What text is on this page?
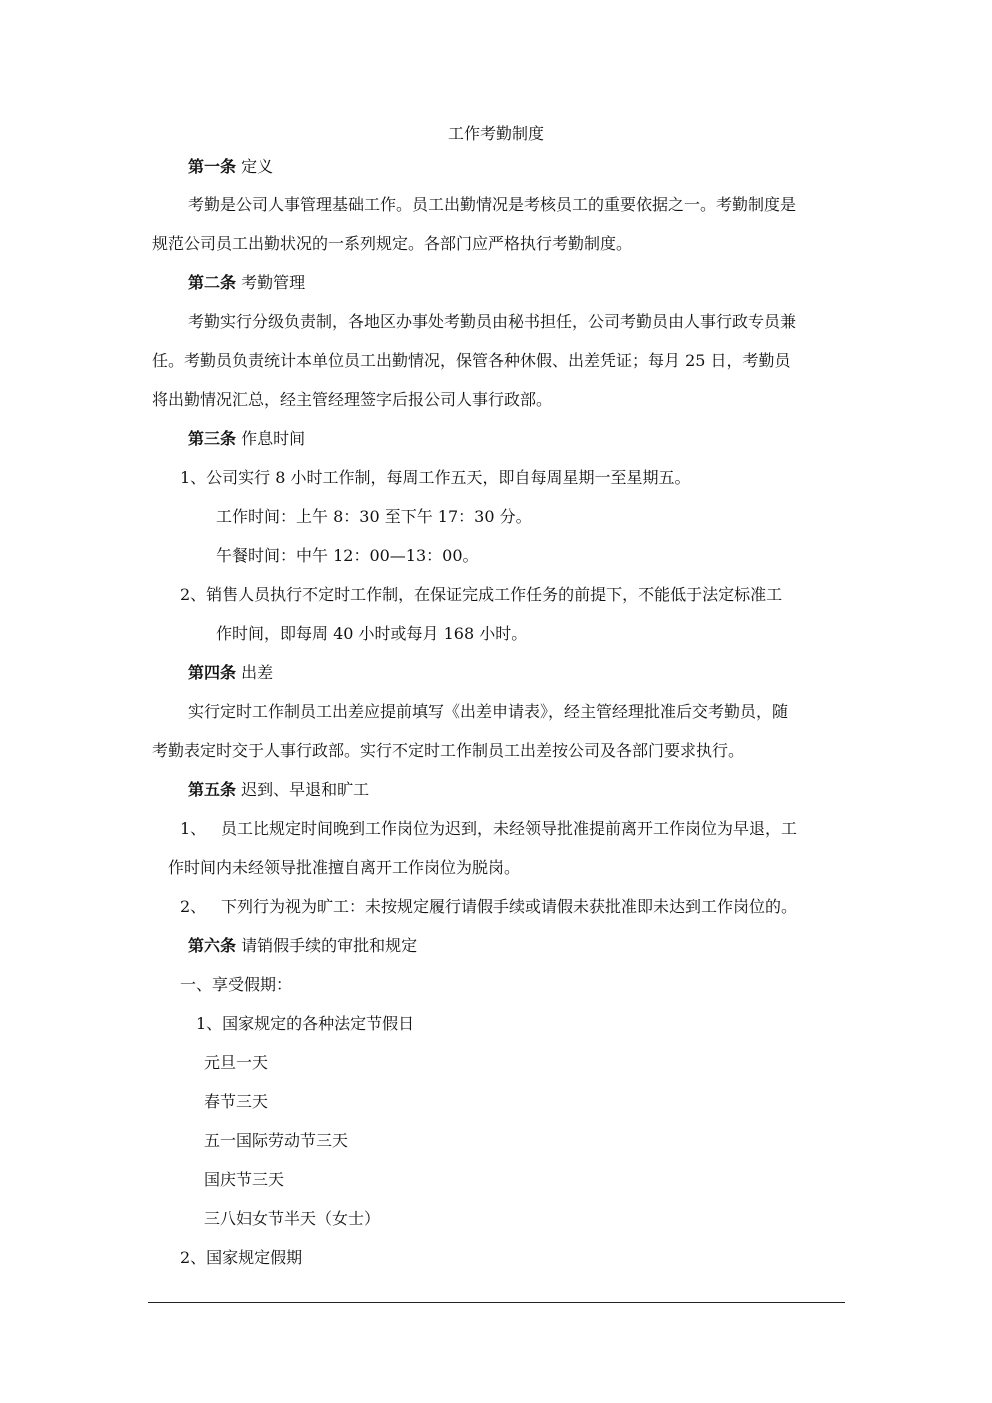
工作考勤制度
第一条 定义
考勤是公司人事管理基础工作。员工出勤情况是考核员工的重要依据之一。考勤制度是
规范公司员工出勤状况的一系列规定。各部门应严格执行考勤制度。
第二条 考勤管理
考勤实行分级负责制，各地区办事处考勤员由秘书担任，公司考勤员由人事行政专员兼
任。考勤员负责统计本单位员工出勤情况，保管各种休假、出差凭证；每月 25 日，考勤员
将出勤情况汇总，经主管经理签字后报公司人事行政部。
第三条 作息时间
1、公司实行 8 小时工作制，每周工作五天，即自每周星期一至星期五。
工作时间：上午 8：30 至下午 17：30 分。
午餐时间：中午 12：00—13：00。
2、销售人员执行不定时工作制，在保证完成工作任务的前提下，不能低于法定标准工
作时间，即每周 40 小时或每月 168 小时。
第四条 出差
实行定时工作制员工出差应提前填写《出差申请表》，经主管经理批准后交考勤员，随
考勤表定时交于人事行政部。实行不定时工作制员工出差按公司及各部门要求执行。
第五条 迟到、早退和旷工
1、 员工比规定时间晚到工作岗位为迟到，未经领导批准提前离开工作岗位为早退，工
作时间内未经领导批准擅自离开工作岗位为脱岗。
2、 下列行为视为旷工：未按规定履行请假手续或请假未获批准即未达到工作岗位的。
第六条 请销假手续的审批和规定
一、享受假期：
1、国家规定的各种法定节假日
元旦一天
春节三天
五一国际劳动节三天
国庆节三天
三八妇女节半天（女士）
2、国家规定假期
